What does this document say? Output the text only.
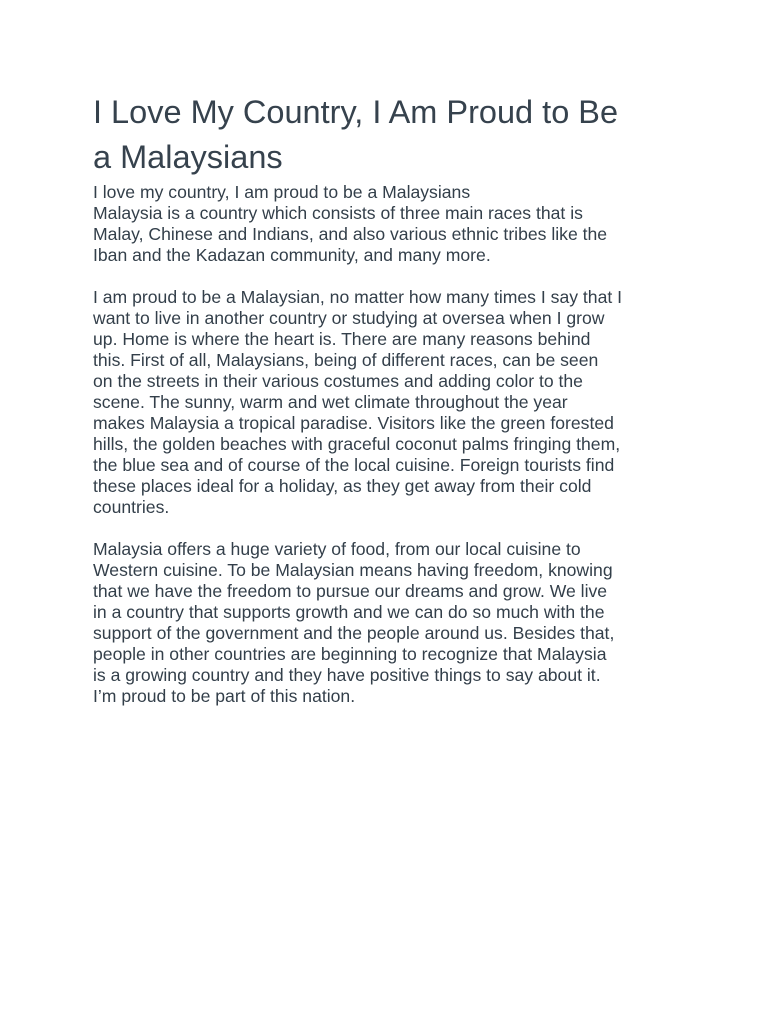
I Love My Country, I Am Proud to Be
a Malaysians

I love my country, I am proud to be a Malaysians
Malaysia is a country which consists of three main races that is
Malay, Chinese and Indians, and also various ethnic tribes like the
Iban and the Kadazan community, and many more.

I am proud to be a Malaysian, no matter how many times I say that I
want to live in another country or studying at oversea when I grow
up. Home is where the heart is. There are many reasons behind
this. First of all, Malaysians, being of different races, can be seen
on the streets in their various costumes and adding color to the
scene. The sunny, warm and wet climate throughout the year
makes Malaysia a tropical paradise. Visitors like the green forested
hills, the golden beaches with graceful coconut palms fringing them,
the blue sea and of course of the local cuisine. Foreign tourists find
these places ideal for a holiday, as they get away from their cold
countries.

Malaysia offers a huge variety of food, from our local cuisine to
Western cuisine. To be Malaysian means having freedom, knowing
that we have the freedom to pursue our dreams and grow. We live
in a country that supports growth and we can do so much with the
support of the government and the people around us. Besides that,
people in other countries are beginning to recognize that Malaysia
is a growing country and they have positive things to say about it.
I’m proud to be part of this nation.
